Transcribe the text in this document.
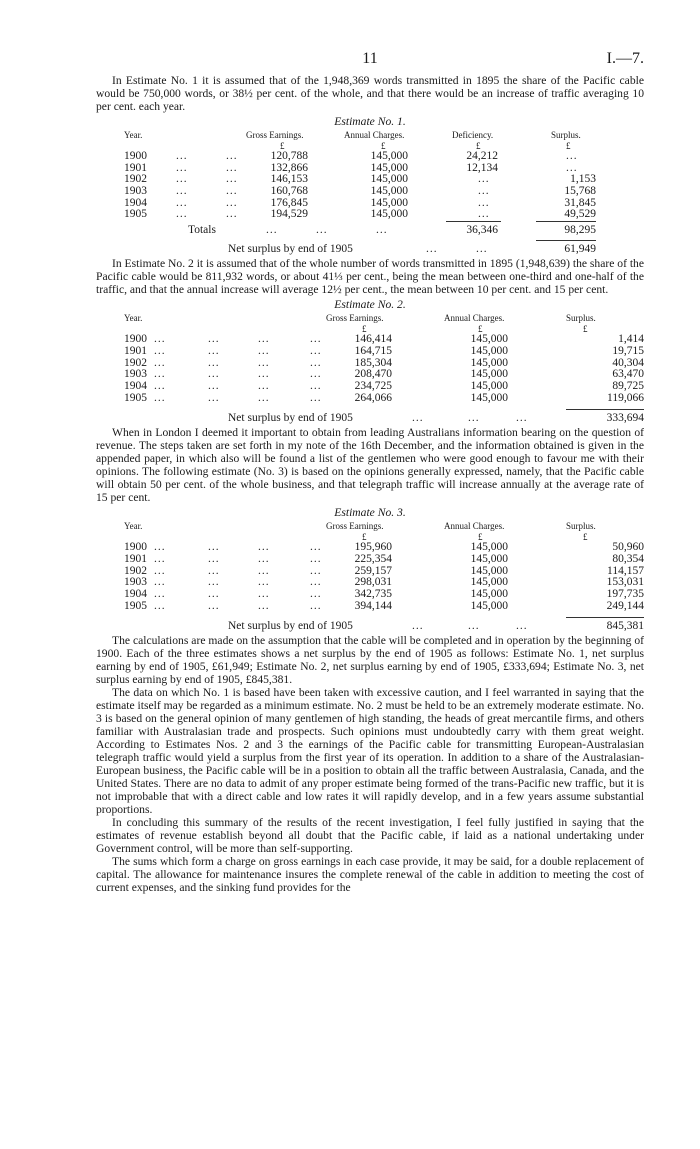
11	I.—7.

In Estimate No. 1 it is assumed that of the 1,948,369 words transmitted in 1895 the share of the Pacific cable would be 750,000 words, or 38½ per cent. of the whole, and that there would be an increase of traffic averaging 10 per cent. each year.

Estimate No. 1.
Year.	Gross Earnings.	Annual Charges.	Deficiency.	Surplus.
£	£	£	£
1900	...	...	120,788	145,000	24,212	...
1901	...	...	132,866	145,000	12,134	...
1902	...	...	146,153	145,000	...	1,153
1903	...	...	160,768	145,000	...	15,768
1904	...	...	176,845	145,000	...	31,845
1905	...	...	194,529	145,000	...	49,529
Totals	...	...	...	36,346	98,295
Net surplus by end of 1905	...	...	61,949

In Estimate No. 2 it is assumed that of the whole number of words transmitted in 1895 (1,948,639) the share of the Pacific cable would be 811,932 words, or about 41⅓ per cent., being the mean between one-third and one-half of the traffic, and that the annual increase will average 12½ per cent., the mean between 10 per cent. and 15 per cent.

Estimate No. 2.
Year.	Gross Earnings.	Annual Charges.	Surplus.
£	£	£
1900 ...	...	...	...	146,414	145,000	1,414
1901 ...	...	...	...	164,715	145,000	19,715
1902 ...	...	...	...	185,304	145,000	40,304
1903 ...	...	...	...	208,470	145,000	63,470
1904 ...	...	...	...	234,725	145,000	89,725
1905 ...	...	...	...	264,066	145,000	119,066
Net surplus by end of 1905	...	...	...	333,694

When in London I deemed it important to obtain from leading Australians information bearing on the question of revenue. The steps taken are set forth in my note of the 16th December, and the information obtained is given in the appended paper, in which also will be found a list of the gentlemen who were good enough to favour me with their opinions. The following estimate (No. 3) is based on the opinions generally expressed, namely, that the Pacific cable will obtain 50 per cent. of the whole business, and that telegraph traffic will increase annually at the average rate of 15 per cent.

Estimate No. 3.
Year.	Gross Earnings.	Annual Charges.	Surplus.
£	£	£
1900 ...	...	...	...	195,960	145,000	50,960
1901 ...	...	...	...	225,354	145,000	80,354
1902 ...	...	...	...	259,157	145,000	114,157
1903 ...	...	...	...	298,031	145,000	153,031
1904 ...	...	...	...	342,735	145,000	197,735
1905 ...	...	...	...	394,144	145,000	249,144
Net surplus by end of 1905	...	...	...	845,381

The calculations are made on the assumption that the cable will be completed and in operation by the beginning of 1900. Each of the three estimates shows a net surplus by the end of 1905 as follows: Estimate No. 1, net surplus earning by end of 1905, £61,949; Estimate No. 2, net surplus earning by end of 1905, £333,694; Estimate No. 3, net surplus earning by end of 1905, £845,381.

The data on which No. 1 is based have been taken with excessive caution, and I feel warranted in saying that the estimate itself may be regarded as a minimum estimate. No. 2 must be held to be an extremely moderate estimate. No. 3 is based on the general opinion of many gentlemen of high standing, the heads of great mercantile firms, and others familiar with Australasian trade and prospects. Such opinions must undoubtedly carry with them great weight. According to Estimates Nos. 2 and 3 the earnings of the Pacific cable for transmitting European-Australasian telegraph traffic would yield a surplus from the first year of its operation. In addition to a share of the Australasian-European business, the Pacific cable will be in a position to obtain all the traffic between Australasia, Canada, and the United States. There are no data to admit of any proper estimate being formed of the trans-Pacific new traffic, but it is not improbable that with a direct cable and low rates it will rapidly develop, and in a few years assume substantial proportions.

In concluding this summary of the results of the recent investigation, I feel fully justified in saying that the estimates of revenue establish beyond all doubt that the Pacific cable, if laid as a national undertaking under Government control, will be more than self-supporting.

The sums which form a charge on gross earnings in each case provide, it may be said, for a double replacement of capital. The allowance for maintenance insures the complete renewal of the cable in addition to meeting the cost of current expenses, and the sinking fund provides for the
